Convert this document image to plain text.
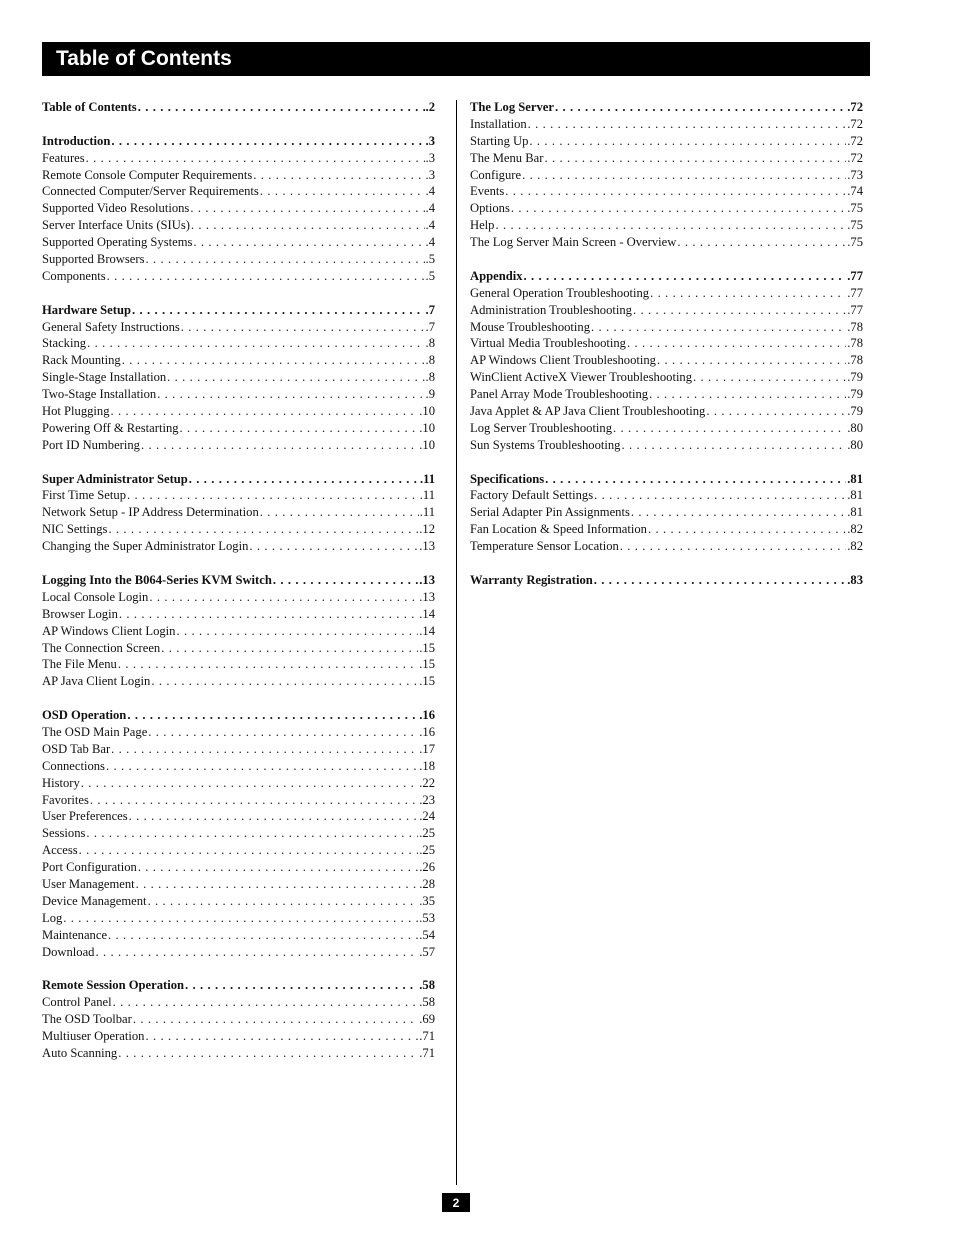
Table of Contents
Table of Contents . . .	.2
Introduction . . .	.3
Features . . .	.3
Remote Console Computer Requirements . . .	.3
Connected Computer/Server Requirements . . .	.4
Supported Video Resolutions . . .	.4
Server Interface Units (SIUs) . . .	.4
Supported Operating Systems . . .	.4
Supported Browsers . . .	.5
Components . . .	.5
Hardware Setup . . .	.7
General Safety Instructions . . .	.7
Stacking . . .	.8
Rack Mounting . . .	.8
Single-Stage Installation . . .	.8
Two-Stage Installation . . .	.9
Hot Plugging . . .	.10
Powering Off & Restarting . . .	.10
Port ID Numbering . . .	.10
Super Administrator Setup . . .	.11
First Time Setup . . .	.11
Network Setup - IP Address Determination . . .	.11
NIC Settings . . .	.12
Changing the Super Administrator Login . . .	.13
Logging Into the B064-Series KVM Switch . . .	.13
Local Console Login . . .	.13
Browser Login . . .	.14
AP Windows Client Login . . .	.14
The Connection Screen . . .	.15
The File Menu . . .	.15
AP Java Client Login . . .	.15
OSD Operation . . .	.16
The OSD Main Page . . .	.16
OSD Tab Bar . . .	.17
Connections . . .	.18
History . . .	.22
Favorites . . .	.23
User Preferences . . .	.24
Sessions . . .	.25
Access . . .	.25
Port Configuration . . .	.26
User Management . . .	.28
Device Management . . .	.35
Log . . .	.53
Maintenance . . .	.54
Download . . .	.57
Remote Session Operation . . .	.58
Control Panel . . .	.58
The OSD Toolbar . . .	.69
Multiuser Operation . . .	.71
Auto Scanning . . .	.71
The Log Server . . .	.72
Installation . . .	.72
Starting Up . . .	.72
The Menu Bar . . .	.72
Configure . . .	.73
Events . . .	.74
Options . . .	.75
Help . . .	.75
The Log Server Main Screen - Overview . . .	.75
Appendix . . .	.77
General Operation Troubleshooting . . .	.77
Administration Troubleshooting . . .	.77
Mouse Troubleshooting . . .	.78
Virtual Media Troubleshooting . . .	.78
AP Windows Client Troubleshooting . . .	.78
WinClient ActiveX Viewer Troubleshooting . . .	.79
Panel Array Mode Troubleshooting . . .	.79
Java Applet & AP Java Client Troubleshooting . . .	.79
Log Server Troubleshooting . . .	.80
Sun Systems Troubleshooting . . .	.80
Specifications . . .	.81
Factory Default Settings . . .	.81
Serial Adapter Pin Assignments . . .	.81
Fan Location & Speed Information . . .	.82
Temperature Sensor Location . . .	.82
Warranty Registration . . .	.83
2
